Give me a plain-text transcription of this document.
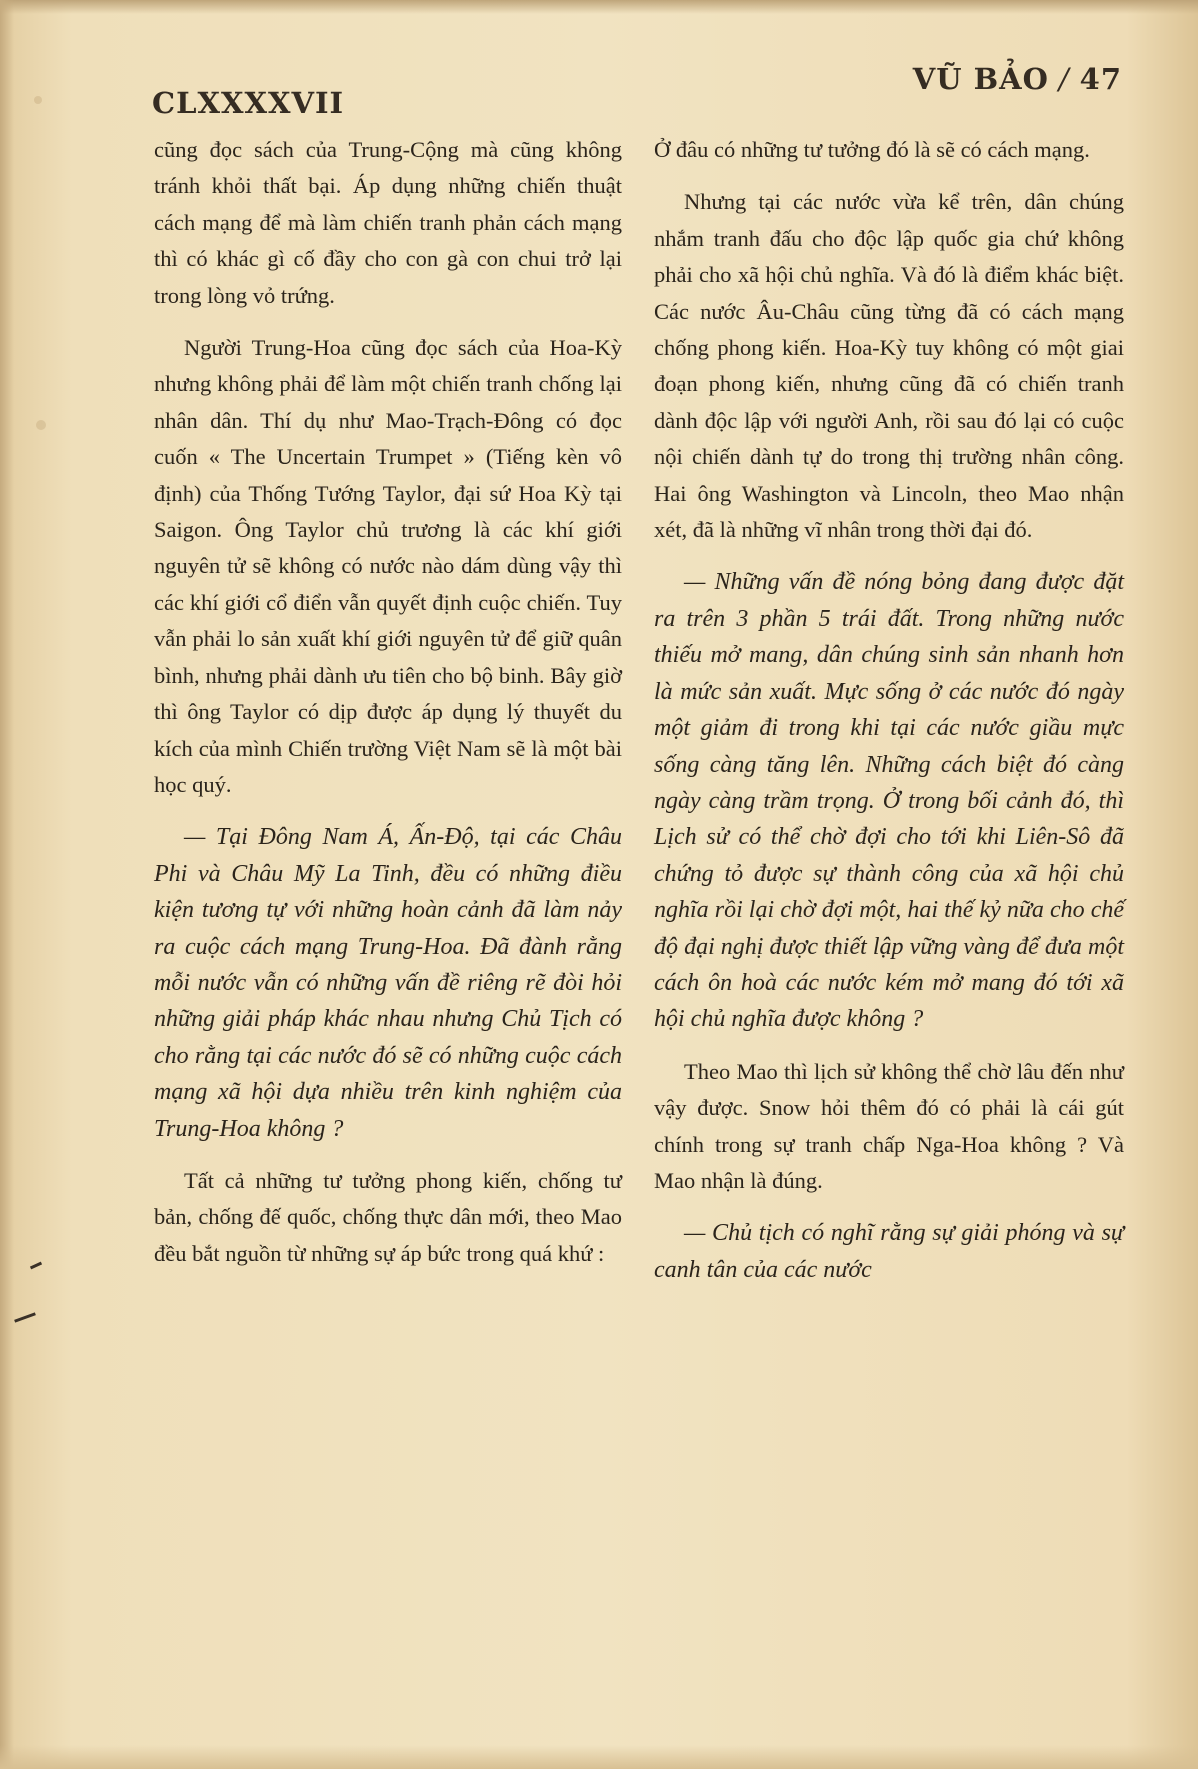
CLXXXXVII
VŨ BẢO / 47

cũng đọc sách của Trung-Cộng mà cũng không tránh khỏi thất bại. Áp dụng những chiến thuật cách mạng để mà làm chiến tranh phản cách mạng thì có khác gì cố đầy cho con gà con chui trở lại trong lòng vỏ trứng.

Người Trung-Hoa cũng đọc sách của Hoa-Kỳ nhưng không phải để làm một chiến tranh chống lại nhân dân. Thí dụ như Mao-Trạch-Đông có đọc cuốn « The Uncertain Trumpet » (Tiếng kèn vô định) của Thống Tướng Taylor, đại sứ Hoa Kỳ tại Saigon. Ông Taylor chủ trương là các khí giới nguyên tử sẽ không có nước nào dám dùng vậy thì các khí giới cổ điển vẫn quyết định cuộc chiến. Tuy vẫn phải lo sản xuất khí giới nguyên tử để giữ quân bình, nhưng phải dành ưu tiên cho bộ binh. Bây giờ thì ông Taylor có dịp được áp dụng lý thuyết du kích của mình Chiến trường Việt Nam sẽ là một bài học quý.

— Tại Đông Nam Á, Ấn-Độ, tại các Châu Phi và Châu Mỹ La Tinh, đều có những điều kiện tương tự với những hoàn cảnh đã làm nảy ra cuộc cách mạng Trung-Hoa. Đã đành rằng mỗi nước vẫn có những vấn đề riêng rẽ đòi hỏi những giải pháp khác nhau nhưng Chủ Tịch có cho rằng tại các nước đó sẽ có những cuộc cách mạng xã hội dựa nhiều trên kinh nghiệm của Trung-Hoa không ?

Tất cả những tư tưởng phong kiến, chống tư bản, chống đế quốc, chống thực dân mới, theo Mao đều bắt nguồn từ những sự áp bức trong quá khứ :

Ở đâu có những tư tưởng đó là sẽ có cách mạng.

Nhưng tại các nước vừa kể trên, dân chúng nhắm tranh đấu cho độc lập quốc gia chứ không phải cho xã hội chủ nghĩa. Và đó là điểm khác biệt. Các nước Âu-Châu cũng từng đã có cách mạng chống phong kiến. Hoa-Kỳ tuy không có một giai đoạn phong kiến, nhưng cũng đã có chiến tranh dành độc lập với người Anh, rồi sau đó lại có cuộc nội chiến dành tự do trong thị trường nhân công. Hai ông Washington và Lincoln, theo Mao nhận xét, đã là những vĩ nhân trong thời đại đó.

— Những vấn đề nóng bỏng đang được đặt ra trên 3 phần 5 trái đất. Trong những nước thiếu mở mang, dân chúng sinh sản nhanh hơn là mức sản xuất. Mực sống ở các nước đó ngày một giảm đi trong khi tại các nước giầu mực sống càng tăng lên. Những cách biệt đó càng ngày càng trầm trọng. Ở trong bối cảnh đó, thì Lịch sử có thể chờ đợi cho tới khi Liên-Sô đã chứng tỏ được sự thành công của xã hội chủ nghĩa rồi lại chờ đợi một, hai thế kỷ nữa cho chế độ đại nghị được thiết lập vững vàng để đưa một cách ôn hoà các nước kém mở mang đó tới xã hội chủ nghĩa được không ?

Theo Mao thì lịch sử không thể chờ lâu đến như vậy được. Snow hỏi thêm đó có phải là cái gút chính trong sự tranh chấp Nga-Hoa không ? Và Mao nhận là đúng.

— Chủ tịch có nghĩ rằng sự giải phóng và sự canh tân của các nước
